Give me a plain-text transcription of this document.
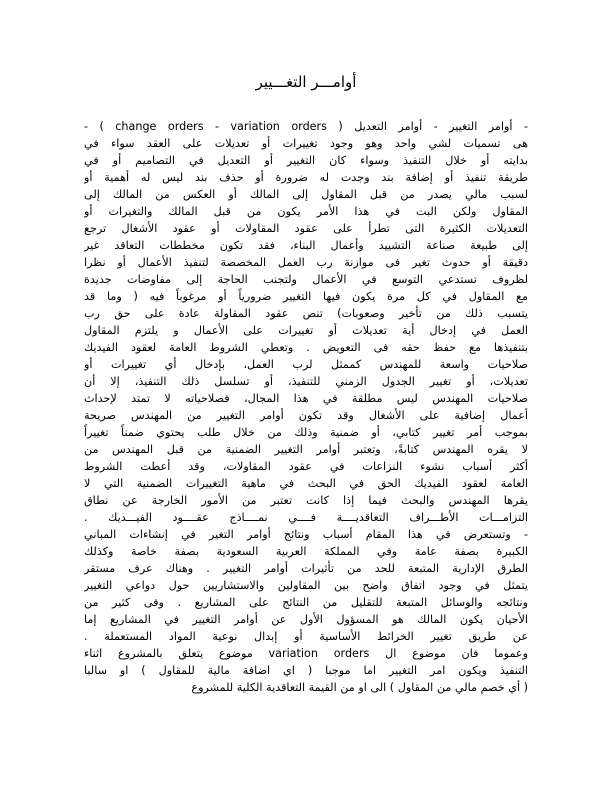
أوامـــر التغـــيير
- أوامر التغيير - أوامر التعديل ( change orders - variation orders ) -
هى تسميات لشي واحد وهو وجود تغييرات أو تعديلات على العقد سواء في
بدايته أو خلال التنفيذ وسواء كان التغيير أو التعديل في التصاميم أو في
طريقة تنفيذ أو إضافة بند وجدت له ضرورة أو حذف بند ليس له أهمية أو
لسبب مالي يصدر من قبل المقاول إلى المالك أو العكس من المالك إلى
المقاول ولكن البت في هذا الأمر يكون من قبل المالك والتغيرات أو
التعديلات الكثيرة التى تطرأ على عقود المقاولات أو عقود الأشغال ترجع
إلى طبيعة صناعة التشييد وأعمال البناء، فقد تكون مخططات التعاقد غير
دقيقة أو حدوث تغير فى موازنة رب العمل المخصصة لتنفيذ الأعمال أو نظرا
لظروف تستدعي التوسع في الأعمال ولتجنب الحاجة إلى مفاوضات جديدة
مع المقاول في كل مرة يكون فيها التغيير ضرورياً أو مرغوباً فيه ( وما قد
يتسبب ذلك من تأخير وصعوبات) تنص عقود المقاولة عادة على حق رب
العمل في إدخال أية تعديلات أو تغييرات على الأعمال و يلتزم المقاول
بتنفيذها مع حفظ حقه فى التعويض . وتعطي الشروط العامة لعقود الفيديك
صلاحيات واسعة للمهندس كممثل لرب العمل، بإدخال أي تغييرات أو
تعديلات، أو تغيير الجدول الزمني للتنفيذ، أو تسلسل ذلك التنفيذ، إلا أن
صلاحيات المهندس ليس مطلقة في هذا المجال، فصلاحياته لا تمتد لإحداث
أعمال إضافية على الأشغال وقد تكون أوامر التغيير من المهندس صريحة
بموجب أمر تغيير كتابي، أو ضمنية وذلك من خلال طلب يحتوي ضمناً تغييراً
لا يقره المهندس كتابةً، وتعتبر أوامر التغيير الضمنية من قبل المهندس من
أكثر أسباب نشوء النزاعات في عقود المقاولات، وقد أعطت الشروط
العامة لعقود الفيديك الحق في البحث في ماهية التغييرات الضمنية التي لا
يقرها المهندس والبحث فيما إذا كانت تعتبر من الأمور الخارجة عن نطاق
التزامـــات الأطـــراف التعاقديــــة فــــي نمــــاذج عقــــود الفيـــديك .
- وتستعرض في هذا المقام أسباب ونتائج أوامر التغير في إنشاءات المباني
الكبيرة بصفة عامة وفي المملكة العربية السعودية بصفة خاصة وكذلك
الطرق الإدارية المتبعة للحد من تأثيرات أوامر التغيير . وهناك عرف مستقر
يتمثل في وجود اتفاق واضح بين المقاولين والاستشاريين حول دواعي التغيير
ونتائجه والوسائل المتبعة للتقليل من النتائج على المشاريع . وفى كثير من
الأحيان يكون المالك هو المسؤول الأول عن أوامر التغيير في المشاريع إما
عن طريق تغيير الخرائط الأساسية أو إبدال نوعية المواد المستعملة .
وعموما فان موضوع ال variation orders موضوع يتعلق بالمشروع اثناء
التنفيذ ويكون امر التغيير اما موجبا ( اي اضافة مالية للمقاول ) او سالبا
( أي خصم مالي من المقاول ) الى او من القيمة التعاقدية الكلية للمشروع
